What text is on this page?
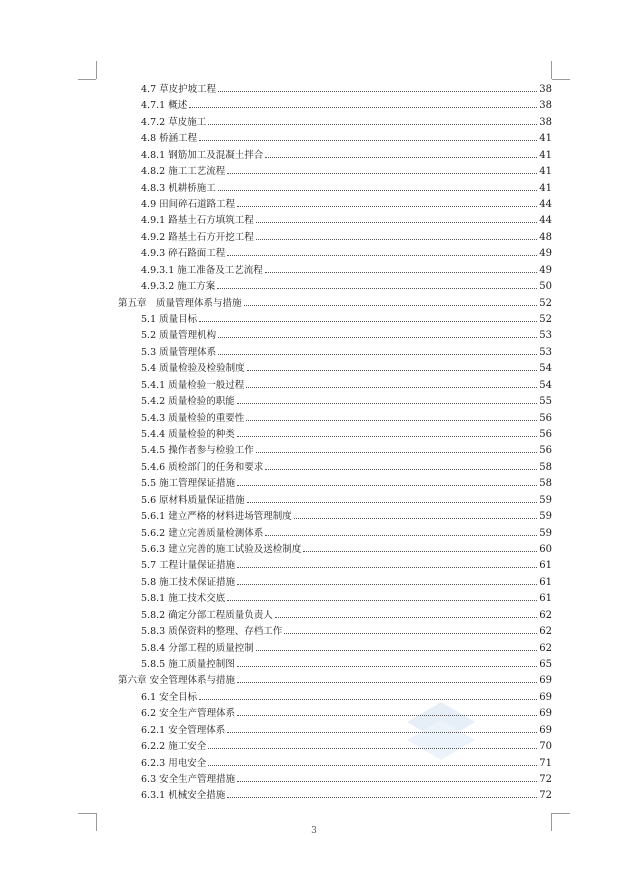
4.7 草皮护坡工程	38
4.7.1 概述	38
4.7.2 草皮施工	38
4.8 桥涵工程	41
4.8.1 钢筋加工及混凝土拌合	41
4.8.2 施工工艺流程	41
4.8.3 机耕桥施工	41
4.9 田间碎石道路工程	44
4.9.1 路基土石方填筑工程	44
4.9.2 路基土石方开挖工程	48
4.9.3 碎石路面工程	49
4.9.3.1 施工准备及工艺流程	49
4.9.3.2 施工方案	50
第五章　质量管理体系与措施	52
5.1 质量目标	52
5.2 质量管理机构	53
5.3 质量管理体系	53
5.4 质量检验及检验制度	54
5.4.1 质量检验一般过程	54
5.4.2 质量检验的职能	55
5.4.3 质量检验的重要性	56
5.4.4 质量检验的种类	56
5.4.5 操作者参与检验工作	56
5.4.6 质检部门的任务和要求	58
5.5 施工管理保证措施	58
5.6 原材料质量保证措施	59
5.6.1 建立严格的材料进场管理制度	59
5.6.2 建立完善质量检测体系	59
5.6.3 建立完善的施工试验及送检制度	60
5.7 工程计量保证措施	61
5.8 施工技术保证措施	61
5.8.1 施工技术交底	61
5.8.2 确定分部工程质量负责人	62
5.8.3 质保资料的整理、存档工作	62
5.8.4 分部工程的质量控制	62
5.8.5 施工质量控制图	65
第六章 安全管理体系与措施	69
6.1 安全目标	69
6.2 安全生产管理体系	69
6.2.1 安全管理体系	69
6.2.2 施工安全	70
6.2.3 用电安全	71
6.3 安全生产管理措施	72
6.3.1 机械安全措施	72
3
